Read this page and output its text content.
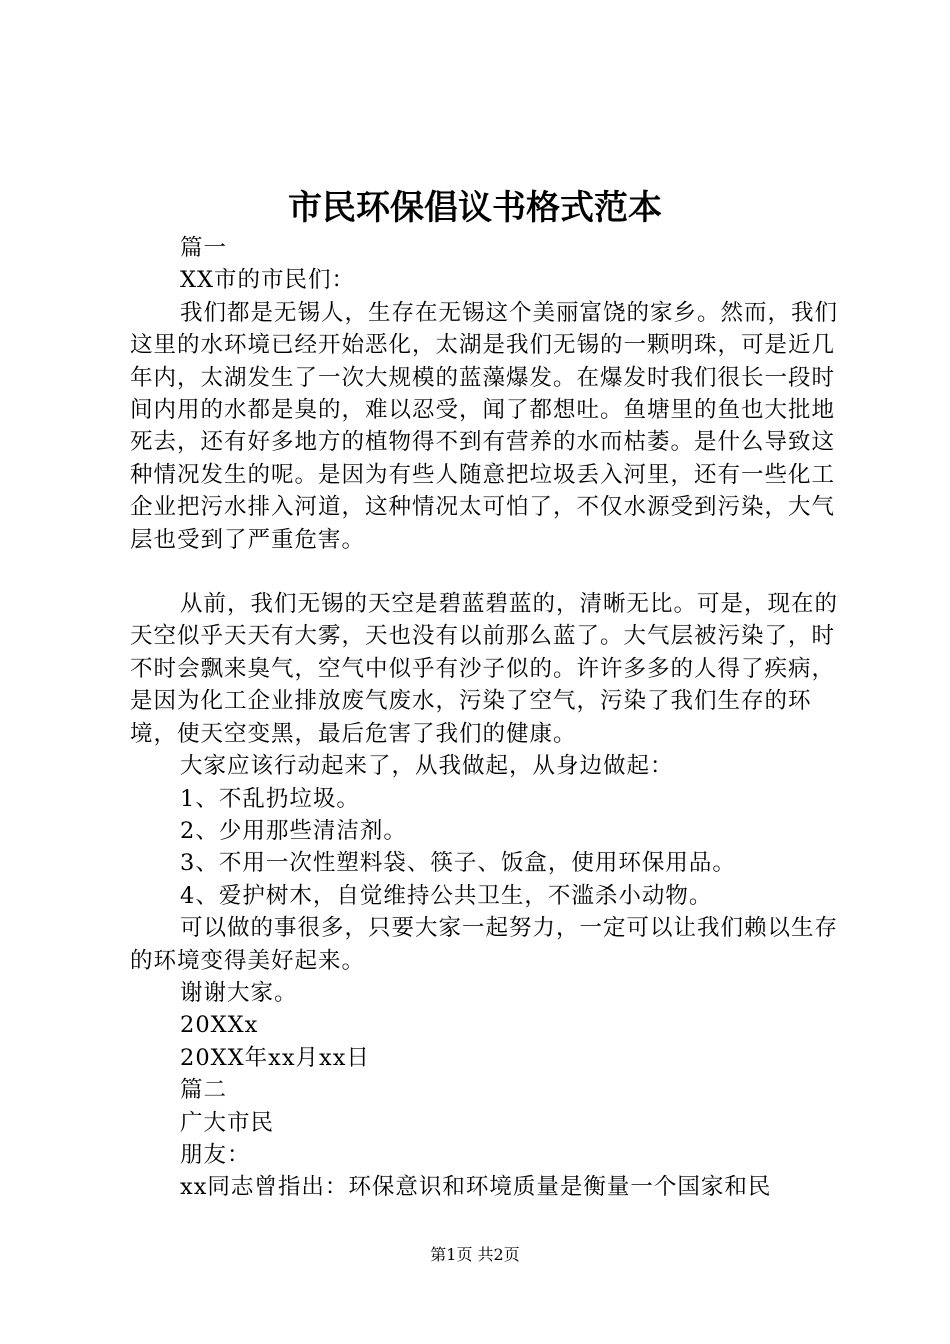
市民环保倡议书格式范本

篇一

XX市的市民们：

我们都是无锡人，生存在无锡这个美丽富饶的家乡。然而，我们这里的水环境已经开始恶化，太湖是我们无锡的一颗明珠，可是近几年内，太湖发生了一次大规模的蓝藻爆发。在爆发时我们很长一段时间内用的水都是臭的，难以忍受，闻了都想吐。鱼塘里的鱼也大批地死去，还有好多地方的植物得不到有营养的水而枯萎。是什么导致这种情况发生的呢。是因为有些人随意把垃圾丢入河里，还有一些化工企业把污水排入河道，这种情况太可怕了，不仅水源受到污染，大气层也受到了严重危害。

从前，我们无锡的天空是碧蓝碧蓝的，清晰无比。可是，现在的天空似乎天天有大雾，天也没有以前那么蓝了。大气层被污染了，时不时会飘来臭气，空气中似乎有沙子似的。许许多多的人得了疾病，是因为化工企业排放废气废水，污染了空气，污染了我们生存的环境，使天空变黑，最后危害了我们的健康。

大家应该行动起来了，从我做起，从身边做起：

1、不乱扔垃圾。

2、少用那些清洁剂。

3、不用一次性塑料袋、筷子、饭盒，使用环保用品。

4、爱护树木，自觉维持公共卫生，不滥杀小动物。

可以做的事很多，只要大家一起努力，一定可以让我们赖以生存的环境变得美好起来。

谢谢大家。

20XXx

20XX年xx月xx日

篇二

广大市民

朋友：

xx同志曾指出：环保意识和环境质量是衡量一个国家和民

第1页 共2页
